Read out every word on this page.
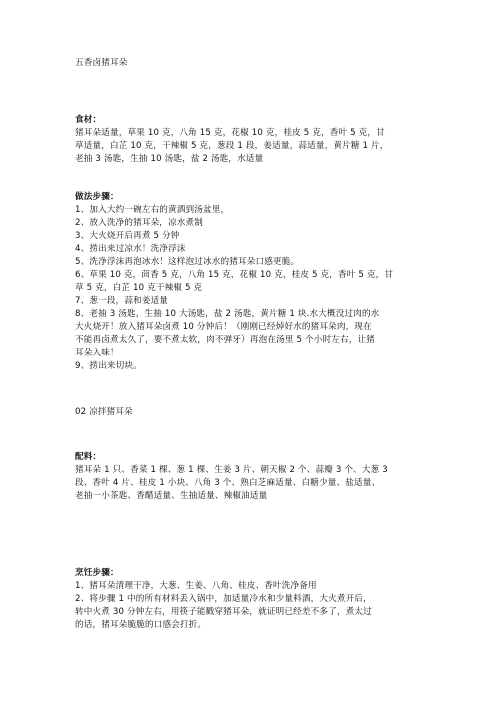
五香卤猪耳朵
食材：
猪耳朵适量，草果 10 克，八角 15 克，花椒 10 克，桂皮 5 克，香叶 5 克，甘
草适量，白芷 10 克，干辣椒 5 克，葱段 1 段，姜适量，蒜适量，黄片糖 1 片，
老抽 3 汤匙，生抽 10 汤匙，盐 2 汤匙，水适量
做法步骤：
1、加入大约一碗左右的黄酒到汤盆里，
2、放入洗净的猪耳朵，凉水煮制
3、大火烧开后再煮 5 分钟
4、捞出来过凉水！洗净浮沫
5、洗净浮沫再泡冰水！这样泡过冰水的猪耳朵口感更脆。
6、草果 10 克，茴香 5 克，八角 15 克，花椒 10 克，桂皮 5 克，香叶 5 克，甘
草 5 克，白芷 10 克干辣椒 5 克
7、葱一段，蒜和姜适量
8、老抽 3 汤匙，生抽 10 大汤匙，盐 2 汤匙，黄片糖 1 块.水大概没过肉的水
大火烧开！放入猪耳朵卤煮 10 分钟后！（刚刚已经焯好水的猪耳朵肉，现在
不能再卤煮太久了，要不煮太软，肉不弹牙）再泡在汤里 5 个小时左右，让猪
耳朵入味！
9、捞出来切块。
02 凉拌猪耳朵
配料：
猪耳朵 1 只、香菜 1 棵、葱 1 棵、生姜 3 片、朝天椒 2 个、蒜瓣 3 个、大葱 3
段、香叶 4 片、桂皮 1 小块、八角 3 个、熟白芝麻适量、白糖少量、盐适量、
老抽一小茶匙、香醋适量、生抽适量、辣椒油适量
烹饪步骤：
1、猪耳朵清理干净，大葱、生姜、八角、桂皮、香叶洗净备用
2、将步骤 1 中的所有材料丢入锅中，加适量冷水和少量料酒，大火煮开后，
转中火煮 30 分钟左右，用筷子能戳穿猪耳朵，就证明已经差不多了，煮太过
的话，猪耳朵脆脆的口感会打折。
